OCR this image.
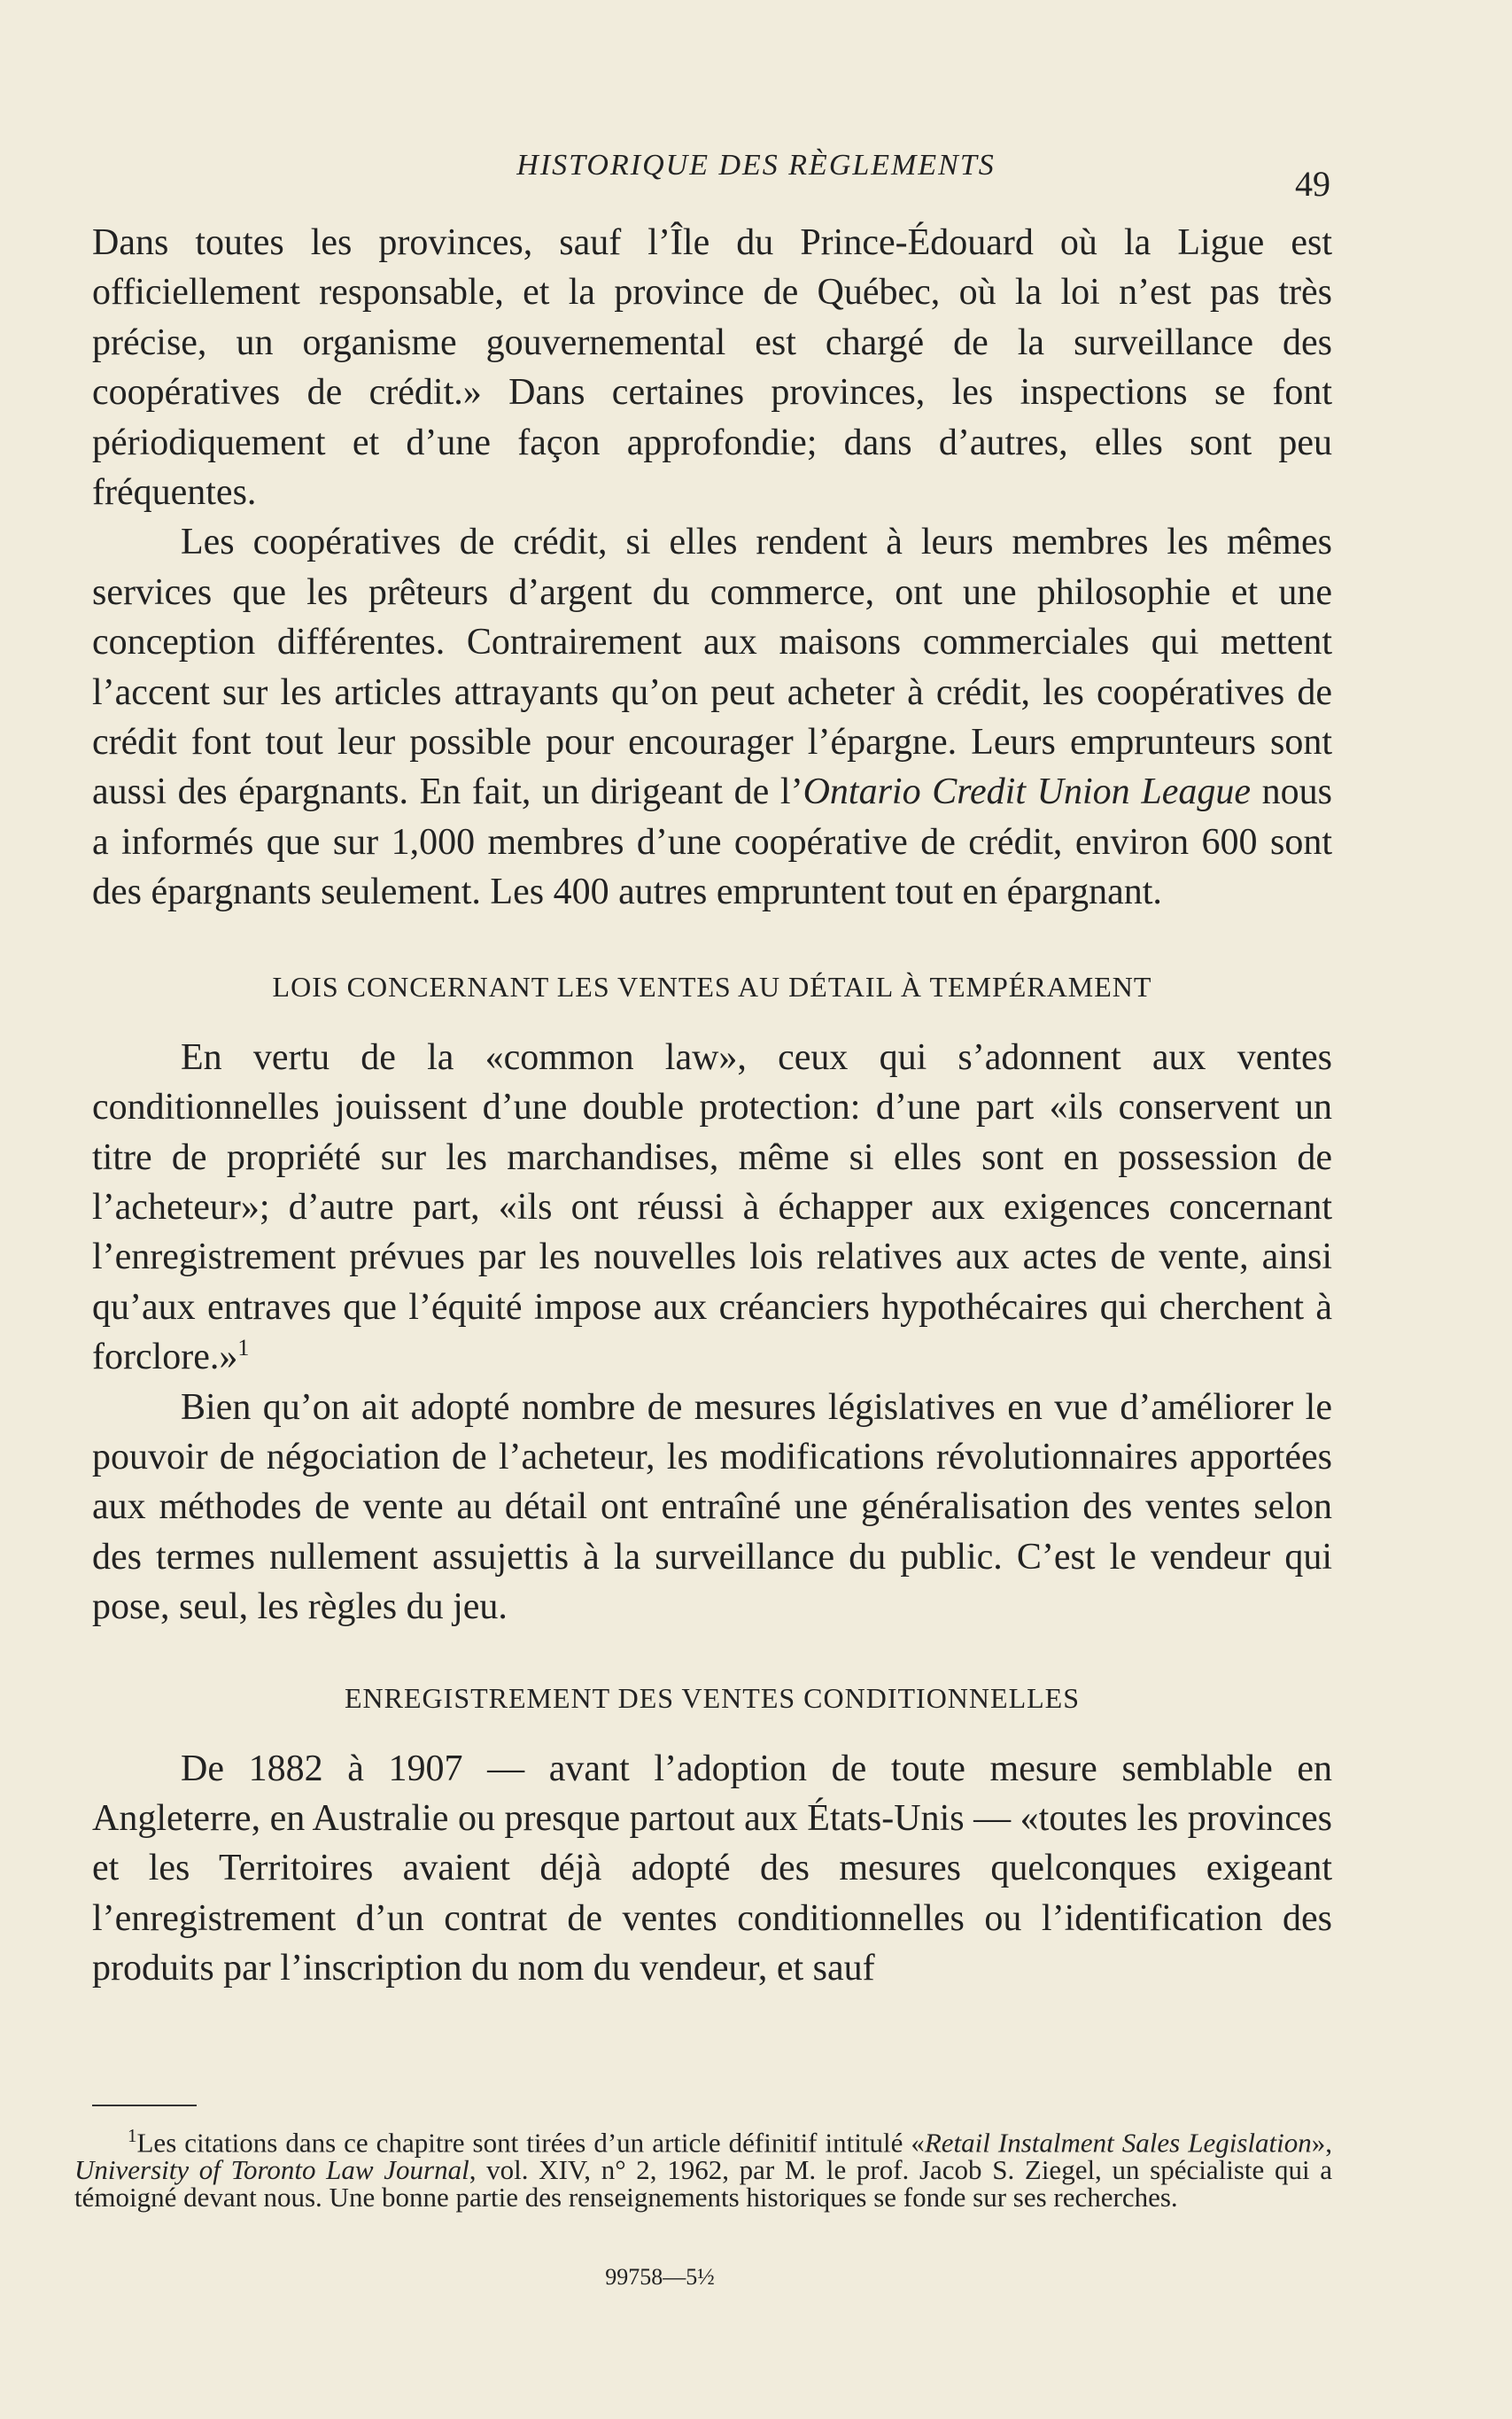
HISTORIQUE DES RÈGLEMENTS	49

Dans toutes les provinces, sauf l’Île du Prince-Édouard où la Ligue est officiellement responsable, et la province de Québec, où la loi n’est pas très précise, un organisme gouvernemental est chargé de la surveillance des coopératives de crédit.» Dans certaines provinces, les inspections se font périodiquement et d’une façon approfondie; dans d’autres, elles sont peu fréquentes.

Les coopératives de crédit, si elles rendent à leurs membres les mêmes services que les prêteurs d’argent du commerce, ont une philosophie et une conception différentes. Contrairement aux maisons commerciales qui mettent l’accent sur les articles attrayants qu’on peut acheter à crédit, les coopératives de crédit font tout leur possible pour encourager l’épargne. Leurs emprunteurs sont aussi des épargnants. En fait, un dirigeant de l’Ontario Credit Union League nous a informés que sur 1,000 membres d’une coopérative de crédit, environ 600 sont des épargnants seulement. Les 400 autres empruntent tout en épargnant.

LOIS CONCERNANT LES VENTES AU DÉTAIL À TEMPÉRAMENT

En vertu de la «common law», ceux qui s’adonnent aux ventes conditionnelles jouissent d’une double protection: d’une part «ils conservent un titre de propriété sur les marchandises, même si elles sont en possession de l’acheteur»; d’autre part, «ils ont réussi à échapper aux exigences concernant l’enregistrement prévues par les nouvelles lois relatives aux actes de vente, ainsi qu’aux entraves que l’équité impose aux créanciers hypothécaires qui cherchent à forclore.»$^1$

Bien qu’on ait adopté nombre de mesures législatives en vue d’améliorer le pouvoir de négociation de l’acheteur, les modifications révolutionnaires apportées aux méthodes de vente au détail ont entraîné une généralisation des ventes selon des termes nullement assujettis à la surveillance du public. C’est le vendeur qui pose, seul, les règles du jeu.

ENREGISTREMENT DES VENTES CONDITIONNELLES

De 1882 à 1907 — avant l’adoption de toute mesure semblable en Angleterre, en Australie ou presque partout aux États-Unis — «toutes les provinces et les Territoires avaient déjà adopté des mesures quelconques exigeant l’enregistrement d’un contrat de ventes conditionnelles ou l’identification des produits par l’inscription du nom du vendeur, et sauf

$^1$Les citations dans ce chapitre sont tirées d’un article définitif intitulé «Retail Instalment Sales Legislation», University of Toronto Law Journal, vol. XIV, n° 2, 1962, par M. le prof. Jacob S. Ziegel, un spécialiste qui a témoigné devant nous. Une bonne partie des renseignements historiques se fonde sur ses recherches.

99758—5½
